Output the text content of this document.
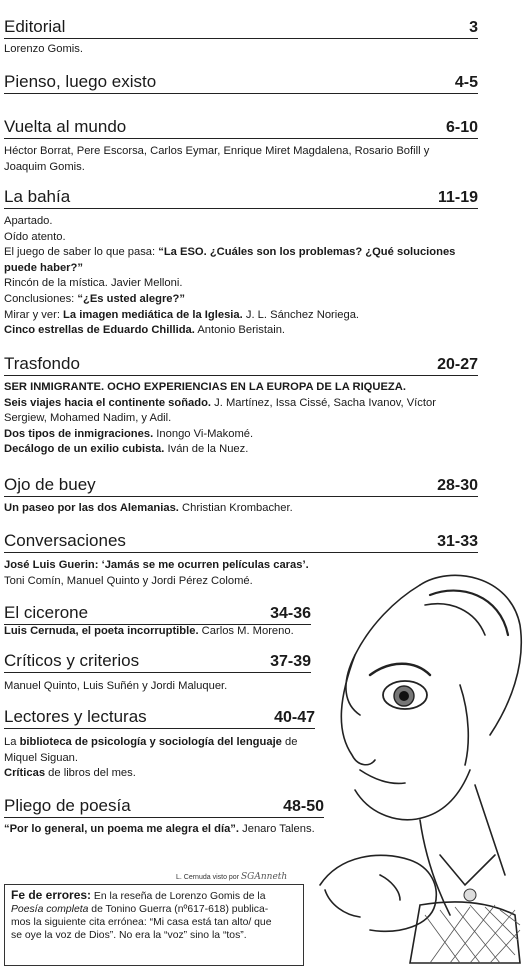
Editorial	3
Lorenzo Gomis.
Pienso, luego existo	4-5
Vuelta al mundo	6-10
Héctor Borrat, Pere Escorsa, Carlos Eymar, Enrique Miret Magdalena, Rosario Bofill y
Joaquim Gomis.
La bahía	11-19
Apartado.
Oído atento.
El juego de saber lo que pasa: “La ESO. ¿Cuáles son los problemas? ¿Qué soluciones
puede haber?”
Rincón de la mística. Javier Melloni.
Conclusiones: “¿Es usted alegre?”
Mirar y ver: La imagen mediática de la Iglesia. J. L. Sánchez Noriega.
Cinco estrellas de Eduardo Chillida. Antonio Beristain.
Trasfondo	20-27
SER INMIGRANTE. OCHO EXPERIENCIAS EN LA EUROPA DE LA RIQUEZA.
Seis viajes hacia el continente soñado. J. Martínez, Issa Cissé, Sacha Ivanov, Víctor
Sergiew, Mohamed Nadim, y Adil.
Dos tipos de inmigraciones. Inongo Vi-Makomé.
Decálogo de un exilio cubista. Iván de la Nuez.
Ojo de buey	28-30
Un paseo por las dos Alemanias. Christian Krombacher.
Conversaciones	31-33
José Luis Guerin: ‘Jamás se me ocurren películas caras’.
Toni Comín, Manuel Quinto y Jordi Pérez Colomé.
El cicerone	34-36
Luis Cernuda, el poeta incorruptible. Carlos M. Moreno.
Críticos y criterios	37-39
Manuel Quinto, Luis Suñén y Jordi Maluquer.
Lectores y lecturas	40-47
La biblioteca de psicología y sociología del lenguaje de
Miquel Siguan.
Críticas de libros del mes.
Pliego de poesía	48-50
“Por lo general, un poema me alegra el día”. Jenaro Talens.
L. Cernuda visto por SGAnneth
Fe de errores: En la reseña de Lorenzo Gomis de la
Poesía completa de Tonino Guerra (nº617-618) publica-
mos la siguiente cita errónea: “Mi casa está tan alto/ que
se oye la voz de Dios”. No era la “voz” sino la “tos”.
